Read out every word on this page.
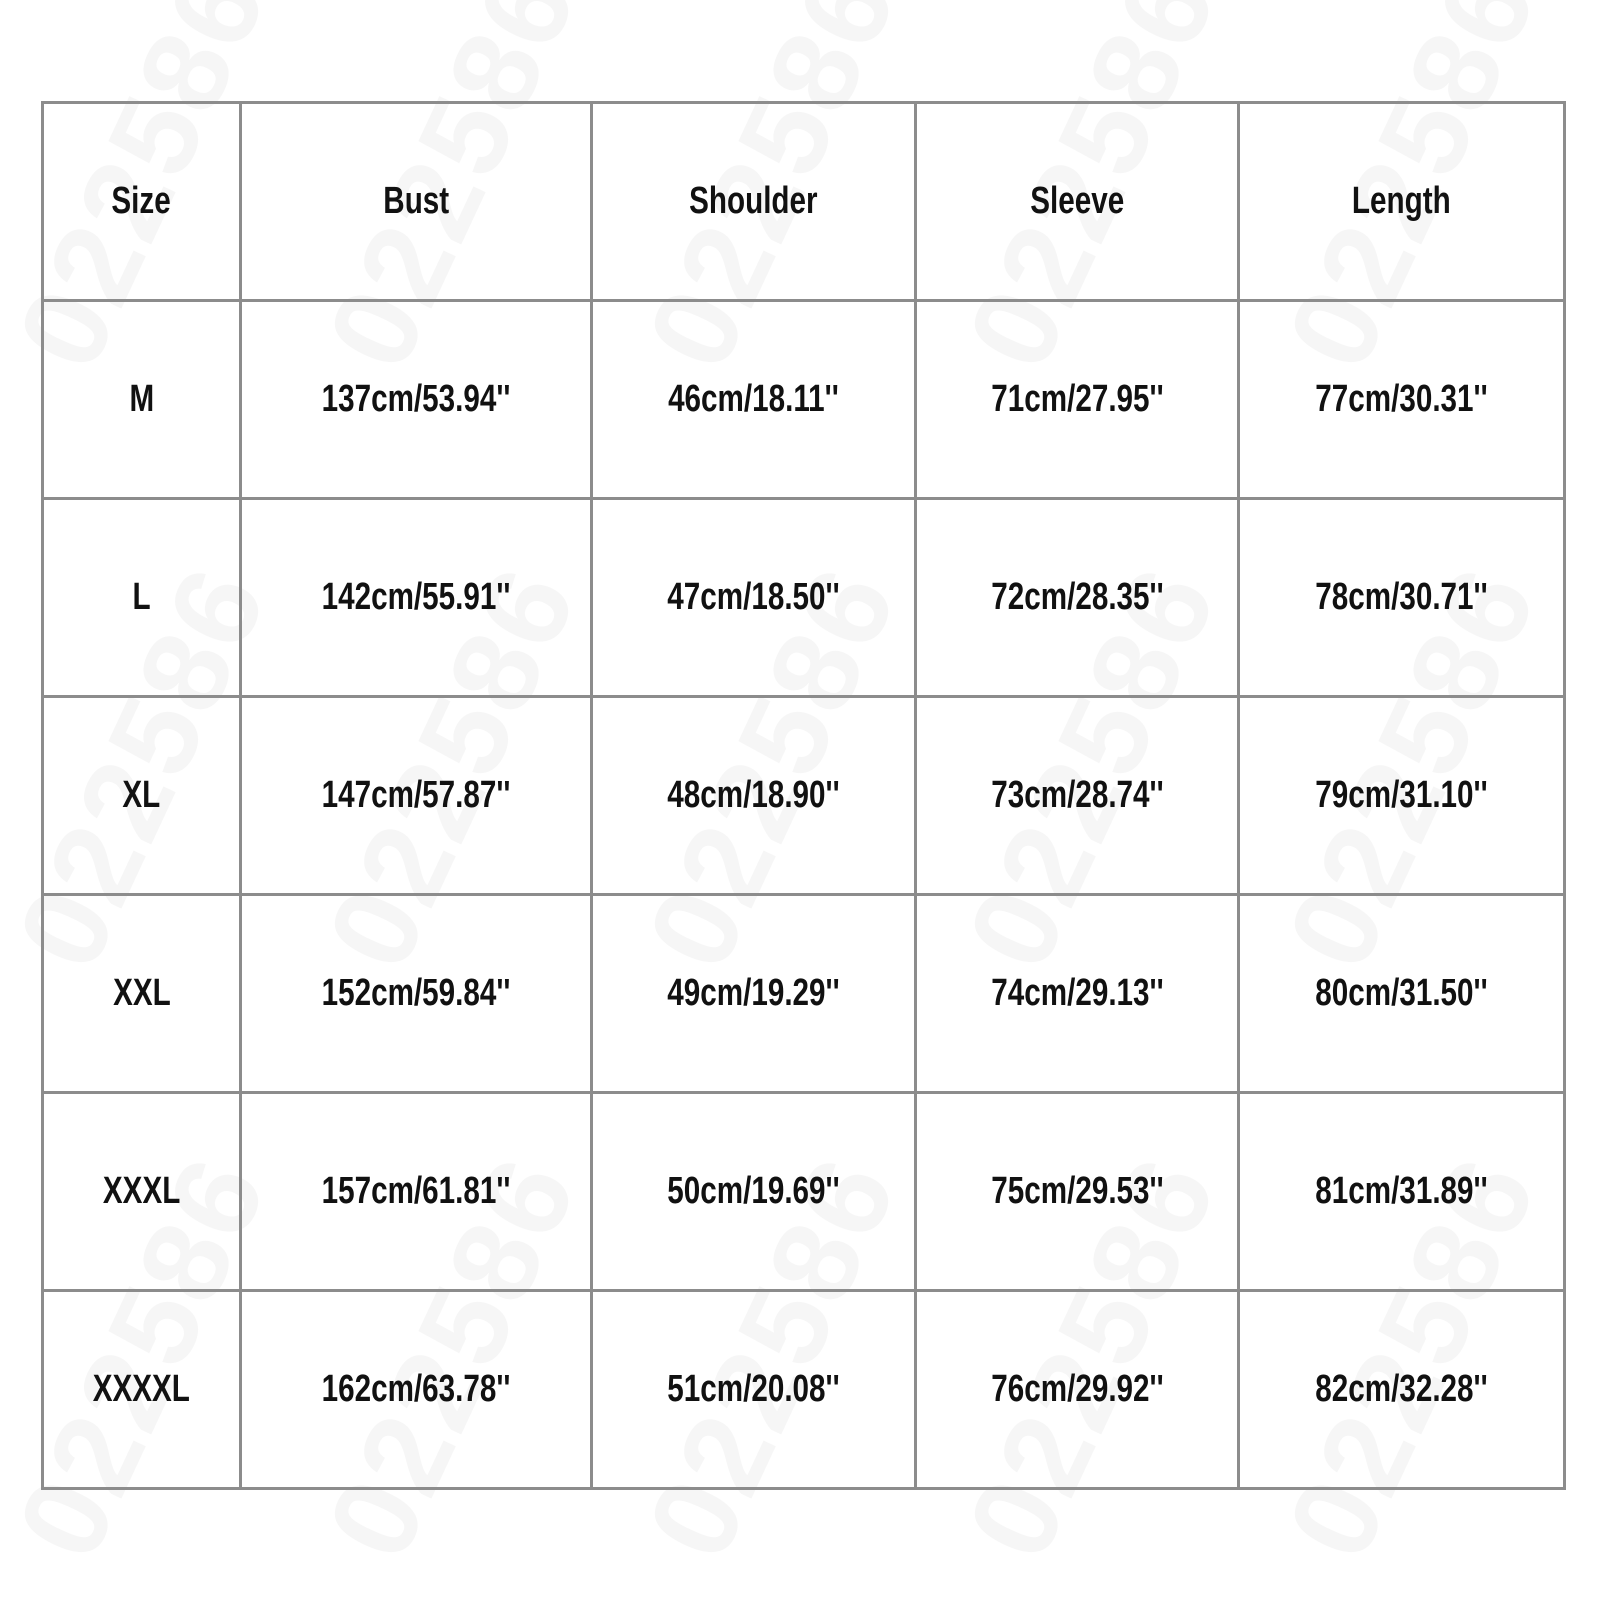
Size	Bust	Shoulder	Sleeve	Length
M	137cm/53.94''	46cm/18.11''	71cm/27.95''	77cm/30.31''
L	142cm/55.91''	47cm/18.50''	72cm/28.35''	78cm/30.71''
XL	147cm/57.87''	48cm/18.90''	73cm/28.74''	79cm/31.10''
XXL	152cm/59.84''	49cm/19.29''	74cm/29.13''	80cm/31.50''
XXXL	157cm/61.81''	50cm/19.69''	75cm/29.53''	81cm/31.89''
XXXXL	162cm/63.78''	51cm/20.08''	76cm/29.92''	82cm/32.28''
